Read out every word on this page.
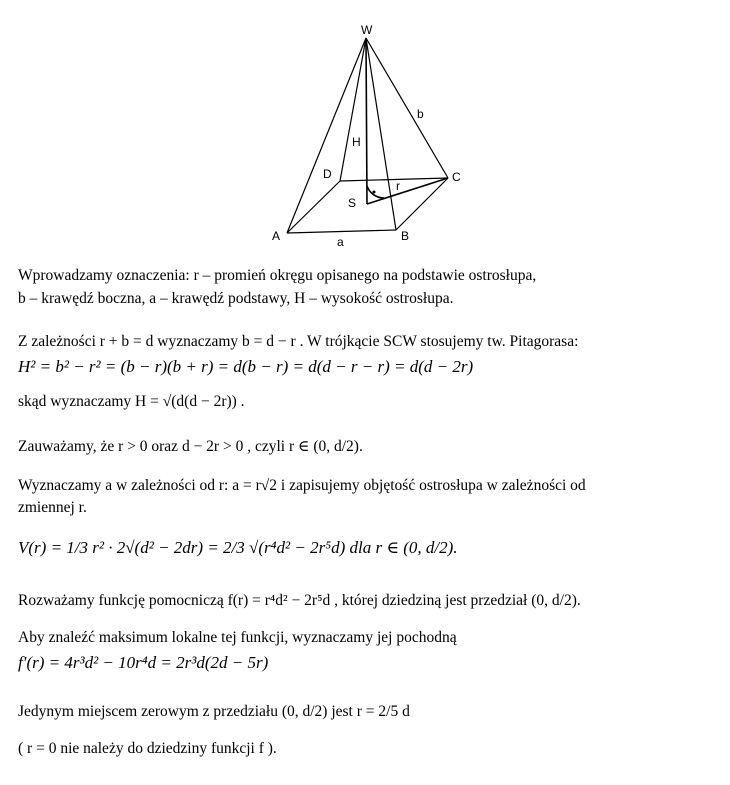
W
A	B
C
D
S
H
r
a
b
Wprowadzamy oznaczenia: r – promień okręgu opisanego na podstawie ostrosłupa,
b – krawędź boczna, a – krawędź podstawy, H – wysokość ostrosłupa.
Z zależności r + b = d wyznaczamy b = d − r . W trójkącie SCW stosujemy tw. Pitagorasa:
H² = b² − r² = (b − r)(b + r) = d(b − r) = d(d − r − r) = d(d − 2r)
skąd wyznaczamy H = √(d(d − 2r)) .
Zauważamy, że r > 0 oraz d − 2r > 0 , czyli r ∈ (0, d/2).
Wyznaczamy a w zależności od r: a = r√2 i zapisujemy objętość ostrosłupa w zależności od
zmiennej r.
V(r) = 1/3 r² · 2√(d² − 2dr) = 2/3 √(r⁴d² − 2r⁵d) dla r ∈ (0, d/2).
Rozważamy funkcję pomocniczą f(r) = r⁴d² − 2r⁵d , której dziedziną jest przedział (0, d/2).
Aby znaleźć maksimum lokalne tej funkcji, wyznaczamy jej pochodną
f′(r) = 4r³d² − 10r⁴d = 2r³d(2d − 5r)
Jedynym miejscem zerowym z przedziału (0, d/2) jest r = 2/5 d
( r = 0 nie należy do dziedziny funkcji f ).
